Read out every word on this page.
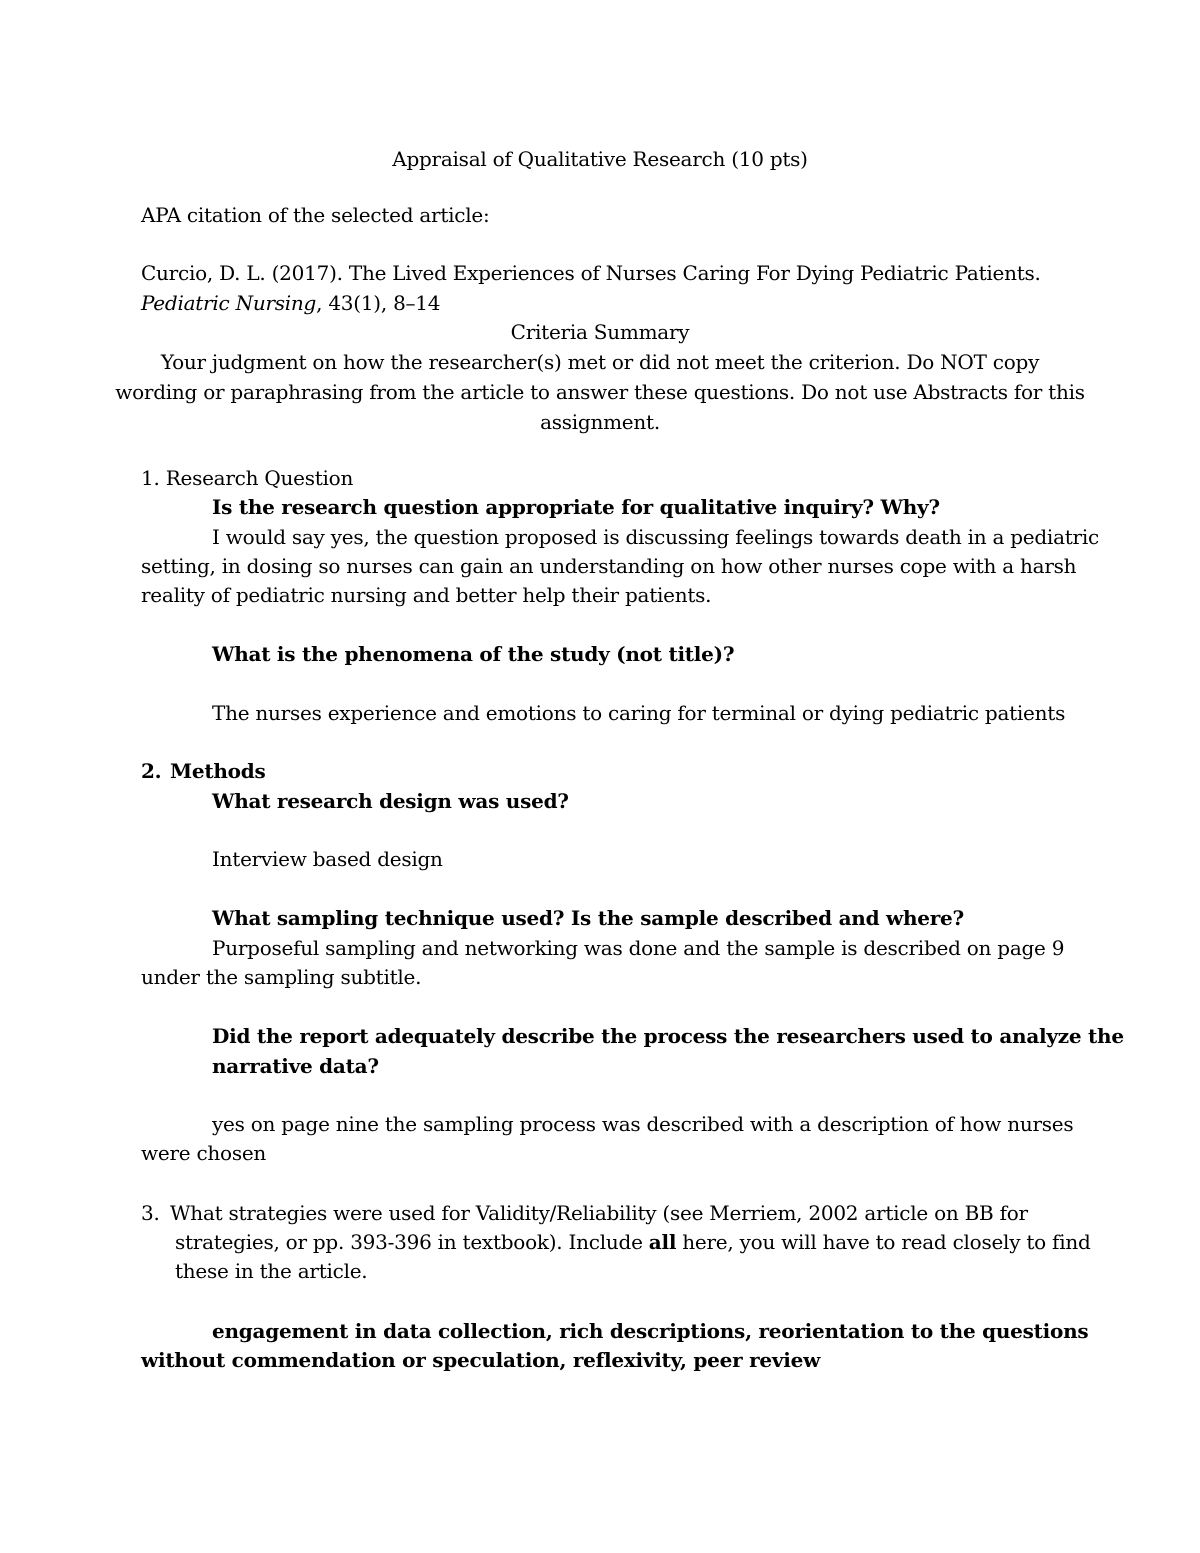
Appraisal of Qualitative Research (10 pts)
APA citation of the selected article:
Curcio, D. L. (2017). The Lived Experiences of Nurses Caring For Dying Pediatric Patients.
Pediatric Nursing, 43(1), 8–14
Criteria Summary
Your judgment on how the researcher(s) met or did not meet the criterion. Do NOT copy
wording or paraphrasing from the article to answer these questions. Do not use Abstracts for this
assignment.
1. Research Question
Is the research question appropriate for qualitative inquiry? Why?
I would say yes, the question proposed is discussing feelings towards death in a pediatric
setting, in dosing so nurses can gain an understanding on how other nurses cope with a harsh
reality of pediatric nursing and better help their patients.
What is the phenomena of the study (not title)?
The nurses experience and emotions to caring for terminal or dying pediatric patients
2. Methods
What research design was used?
Interview based design
What sampling technique used? Is the sample described and where?
Purposeful sampling and networking was done and the sample is described on page 9
under the sampling subtitle.
Did the report adequately describe the process the researchers used to analyze the
narrative data?
yes on page nine the sampling process was described with a description of how nurses
were chosen
3. What strategies were used for Validity/Reliability (see Merriem, 2002 article on BB for
strategies, or pp. 393-396 in textbook). Include all here, you will have to read closely to find
these in the article.
engagement in data collection, rich descriptions, reorientation to the questions
without commendation or speculation, reflexivity, peer review
